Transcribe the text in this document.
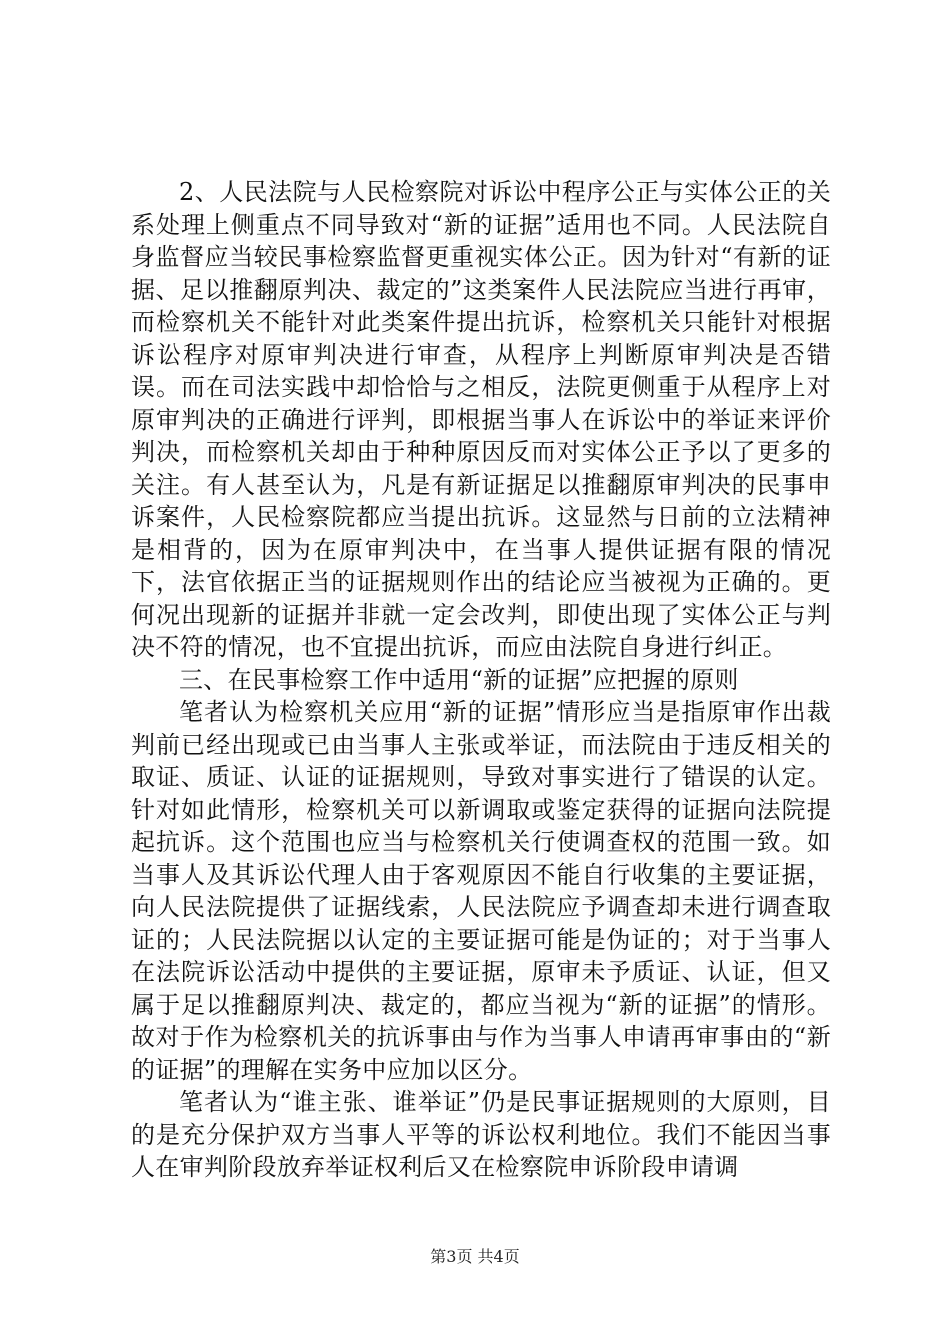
2、人民法院与人民检察院对诉讼中程序公正与实体公正的关系处理上侧重点不同导致对“新的证据”适用也不同。人民法院自身监督应当较民事检察监督更重视实体公正。因为针对“有新的证据、足以推翻原判决、裁定的”这类案件人民法院应当进行再审，而检察机关不能针对此类案件提出抗诉，检察机关只能针对根据诉讼程序对原审判决进行审查，从程序上判断原审判决是否错误。而在司法实践中却恰恰与之相反，法院更侧重于从程序上对原审判决的正确进行评判，即根据当事人在诉讼中的举证来评价判决，而检察机关却由于种种原因反而对实体公正予以了更多的关注。有人甚至认为，凡是有新证据足以推翻原审判决的民事申诉案件，人民检察院都应当提出抗诉。这显然与日前的立法精神是相背的，因为在原审判决中，在当事人提供证据有限的情况下，法官依据正当的证据规则作出的结论应当被视为正确的。更何况出现新的证据并非就一定会改判，即使出现了实体公正与判决不符的情况，也不宜提出抗诉，而应由法院自身进行纠正。

三、在民事检察工作中适用“新的证据”应把握的原则

笔者认为检察机关应用“新的证据”情形应当是指原审作出裁判前已经出现或已由当事人主张或举证，而法院由于违反相关的取证、质证、认证的证据规则，导致对事实进行了错误的认定。针对如此情形，检察机关可以新调取或鉴定获得的证据向法院提起抗诉。这个范围也应当与检察机关行使调查权的范围一致。如当事人及其诉讼代理人由于客观原因不能自行收集的主要证据，向人民法院提供了证据线索，人民法院应予调查却未进行调查取证的；人民法院据以认定的主要证据可能是伪证的；对于当事人在法院诉讼活动中提供的主要证据，原审未予质证、认证，但又属于足以推翻原判决、裁定的，都应当视为“新的证据”的情形。故对于作为检察机关的抗诉事由与作为当事人申请再审事由的“新的证据”的理解在实务中应加以区分。

笔者认为“谁主张、谁举证”仍是民事证据规则的大原则，目的是充分保护双方当事人平等的诉讼权利地位。我们不能因当事人在审判阶段放弃举证权利后又在检察院申诉阶段申请调

第3页 共4页
